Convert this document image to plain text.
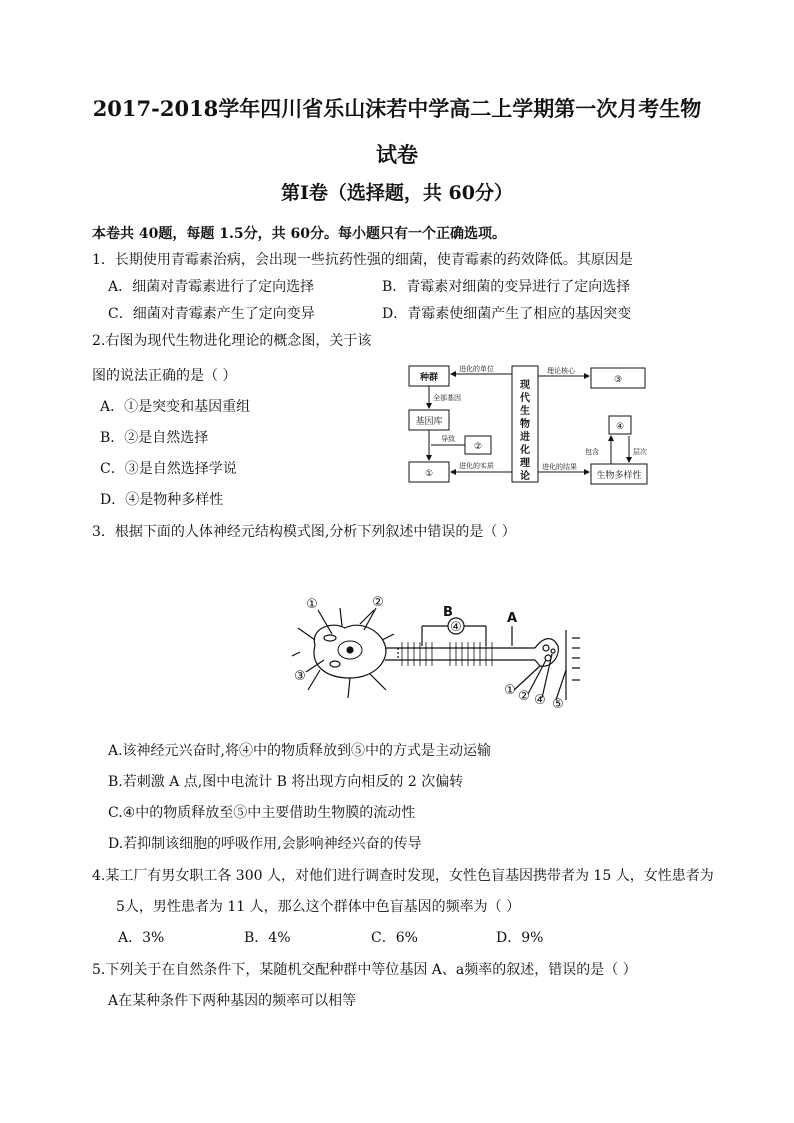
2017-2018学年四川省乐山沫若中学高二上学期第一次月考生物
试卷
第Ⅰ卷（选择题，共 60分）
本卷共 40题，每题 1.5分，共 60分。每小题只有一个正确选项。
1．长期使用青霉素治病，会出现一些抗药性强的细菌，使青霉素的药效降低。其原因是
A．细菌对青霉素进行了定向选择	B．青霉素对细菌的变异进行了定向选择
C．细菌对青霉素产生了定向变异	D．青霉素使细菌产生了相应的基因突变
2.右图为现代生物进化理论的概念图，关于该
图的说法正确的是（ ）
A．①是突变和基因重组
B．②是自然选择
C．③是自然选择学说
D．④是物种多样性
种群
基因库
①
②
③
④
生物多样性
现
代
生
物
进
化
理
论
进化的单位
全部基因
导致
进化的实质
理论核心
进化的结果
包含	层次
3．根据下面的人体神经元结构模式图,分析下列叙述中错误的是（ ）
①	②
③
④
① ② ④ ⑤
B	A
A.该神经元兴奋时,将④中的物质释放到⑤中的方式是主动运输
B.若刺激 A 点,图中电流计 B 将出现方向相反的 2 次偏转
C.④中的物质释放至⑤中主要借助生物膜的流动性
D.若抑制该细胞的呼吸作用,会影响神经兴奋的传导
4.某工厂有男女职工各 300 人，对他们进行调查时发现，女性色盲基因携带者为 15 人，女性患者为
5人，男性患者为 11 人，那么这个群体中色盲基因的频率为（ ）
A．3%	B．4%	C．6%	D．9%
5.下列关于在自然条件下，某随机交配种群中等位基因 A、a频率的叙述，错误的是（ ）
A在某种条件下两种基因的频率可以相等
